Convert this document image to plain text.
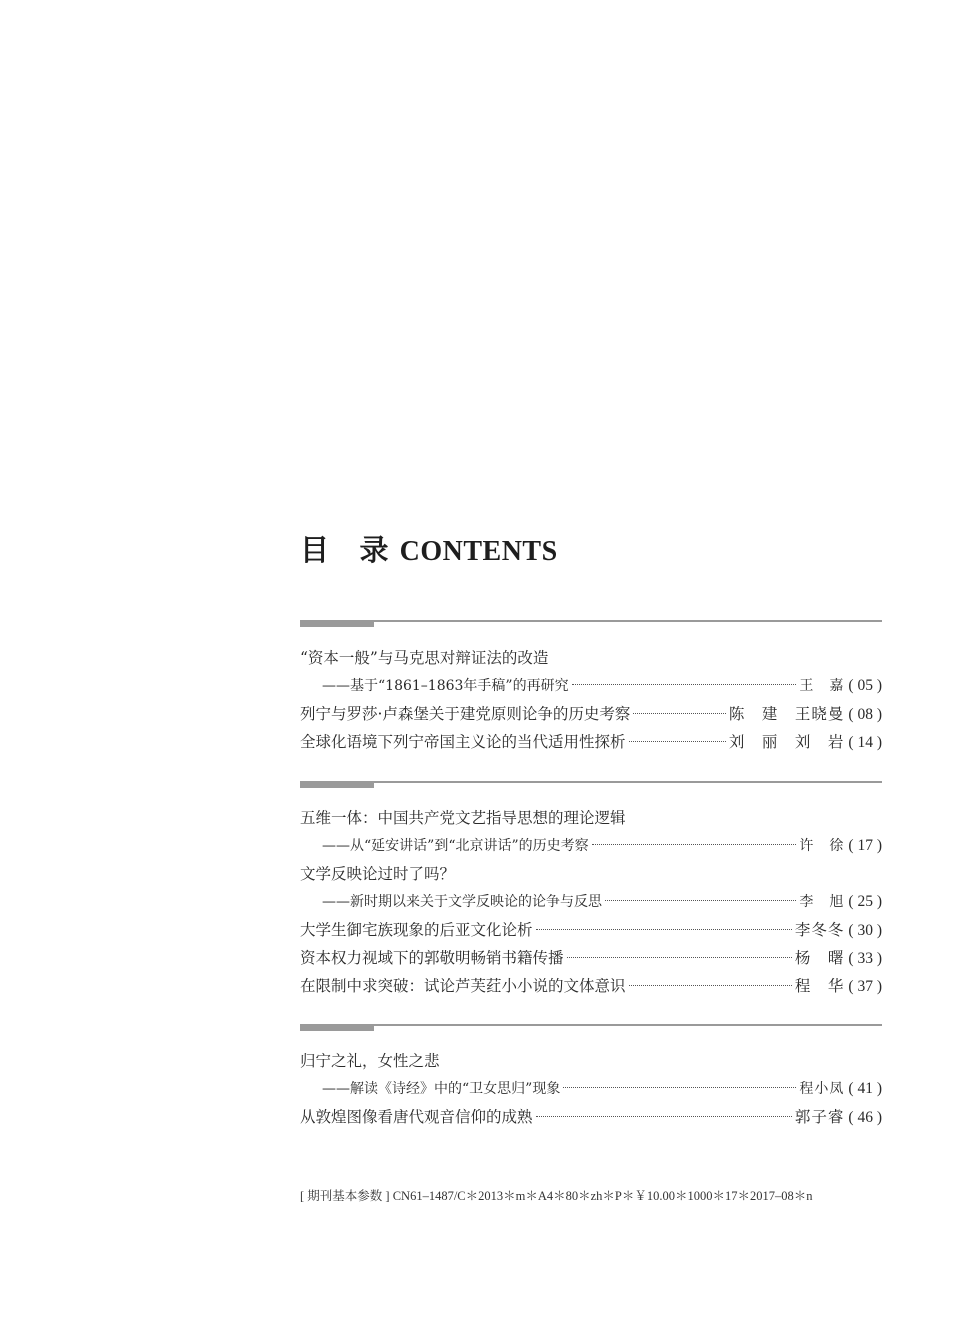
目 录 CONTENTS
“资本一般”与马克思对辩证法的改造
——基于“1861–1863年手稿”的再研究	王　嘉 ( 05 )
列宁与罗莎·卢森堡关于建党原则论争的历史考察	陈　建　王晓曼 ( 08 )
全球化语境下列宁帝国主义论的当代适用性探析	刘　丽　刘　岩 ( 14 )
五维一体：中国共产党文艺指导思想的理论逻辑
——从“延安讲话”到“北京讲话”的历史考察	许　徐 ( 17 )
文学反映论过时了吗？
——新时期以来关于文学反映论的论争与反思	李　旭 ( 25 )
大学生御宅族现象的后亚文化论析	李冬冬 ( 30 )
资本权力视域下的郭敬明畅销书籍传播	杨　曙 ( 33 )
在限制中求突破：试论芦芙荭小小说的文体意识	程　华 ( 37 )
归宁之礼，女性之悲
——解读《诗经》中的“卫女思归”现象	程小凤 ( 41 )
从敦煌图像看唐代观音信仰的成熟	郭子睿 ( 46 )
[ 期刊基本参数 ] CN61–1487/C＊2013＊m＊A4＊80＊zh＊P＊￥10.00＊1000＊17＊2017–08＊n
